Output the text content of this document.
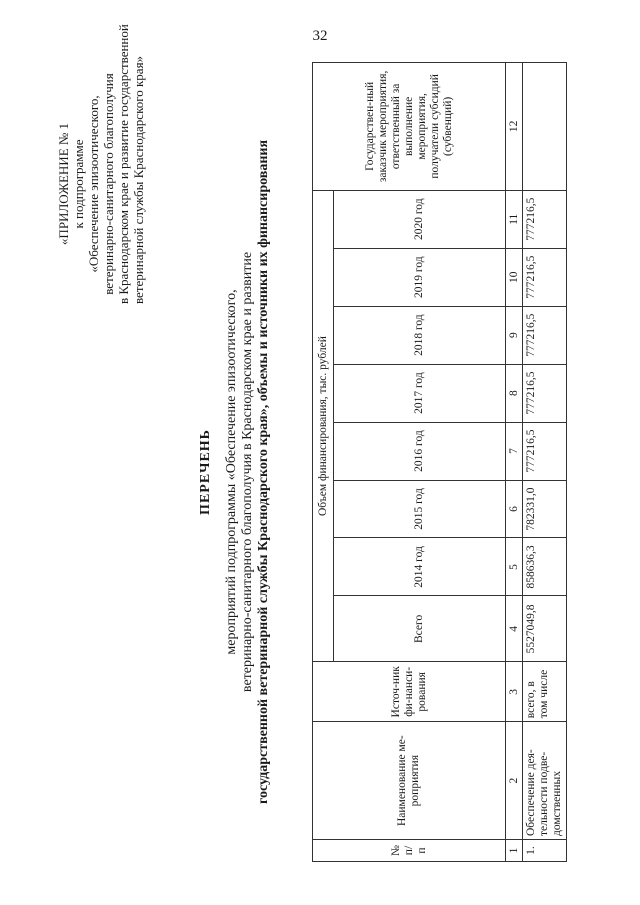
32
«ПРИЛОЖЕНИЕ № 1 к подпрограмме «Обеспечение эпизоотического, ветеринарно-санитарного благополучия в Краснодарском крае и развитие государственной ветеринарной службы Краснодарского края»
ПЕРЕЧЕНЬ мероприятий подпрограммы «Обеспечение эпизоотического, ветеринарно-санитарного благополучия в Краснодарском крае и развитие государственной ветеринарной службы Краснодарского края», объемы и источники их финансирования
№ п/п	Наименование ме-роприятия	Источ-ник фи-нанси-рования	Объем финансирования, тыс. рублей								Государствен-ный заказчик мероприятия, ответственный за выполнение мероприятия, получатели субсидий (субвенций)
			Всего	2014 год	2015 год	2016 год	2017 год	2018 год	2019 год	2020 год	
1	2	3	4	5	6	7	8	9	10	11	12
1.	Обеспечение дея-тельности подве-домственных	всего, в том числе	5527049,8	858636,3	782331,0	777216,5	777216,5	777216,5	777216,5	777216,5	
